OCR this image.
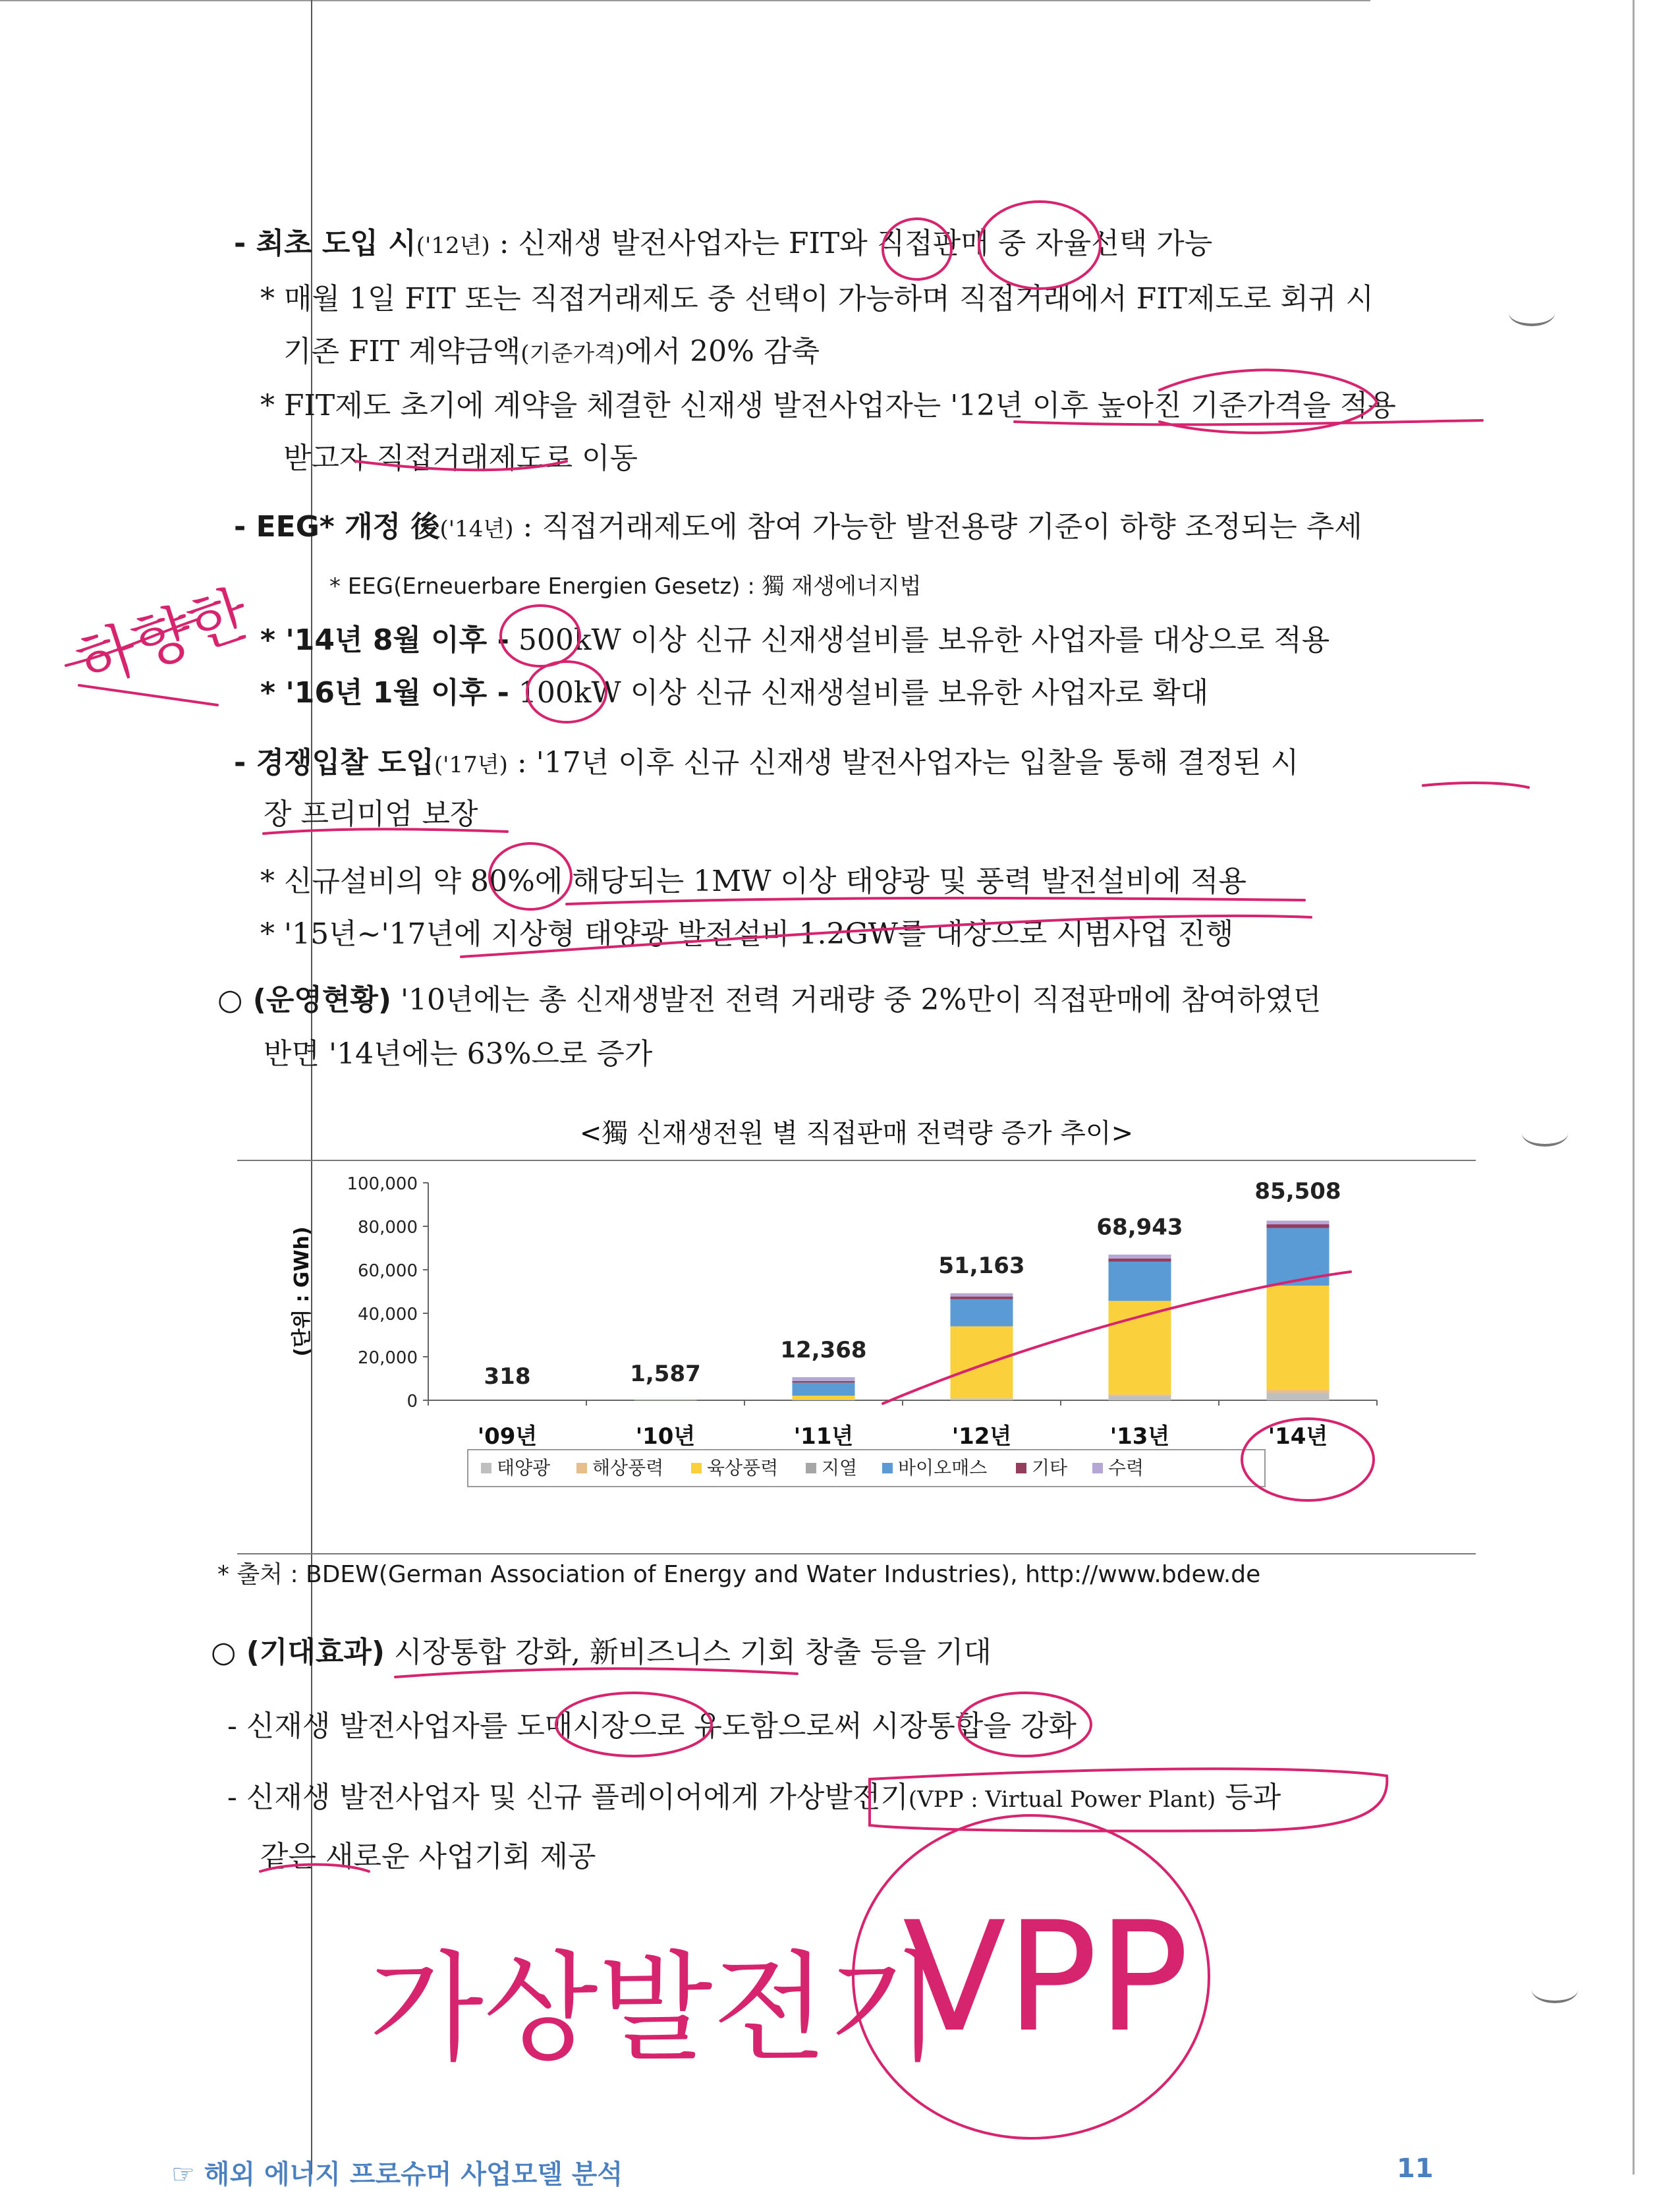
- 최초 도입 시('12년) : 신재생 발전사업자는 FIT와 직접판매 중 자율선택 가능
* 매월 1일 FIT 또는 직접거래제도 중 선택이 가능하며 직접거래에서 FIT제도로 회귀 시
기존 FIT 계약금액(기준가격)에서 20% 감축
* FIT제도 초기에 계약을 체결한 신재생 발전사업자는 '12년 이후 높아진 기준가격을 적용
받고자 직접거래제도로 이동
- EEG* 개정 後('14년) : 직접거래제도에 참여 가능한 발전용량 기준이 하향 조정되는 추세
* EEG(Erneuerbare Energien Gesetz) : 獨 재생에너지법
* '14년 8월 이후 - 500kW 이상 신규 신재생설비를 보유한 사업자를 대상으로 적용
* '16년 1월 이후 - 100kW 이상 신규 신재생설비를 보유한 사업자로 확대
- 경쟁입찰 도입('17년) : '17년 이후 신규 신재생 발전사업자는 입찰을 통해 결정된 시
장 프리미엄 보장
* 신규설비의 약 80%에 해당되는 1MW 이상 태양광 및 풍력 발전설비에 적용
* '15년~'17년에 지상형 태양광 발전설비 1.2GW를 대상으로 시범사업 진행
○ (운영현황) '10년에는 총 신재생발전 전력 거래량 중 2%만이 직접판매에 참여하였던
반면 '14년에는 63%으로 증가
<獨 신재생전원 별 직접판매 전력량 증가 추이>
(단위 : GWh)
100,000
80,000
60,000
40,000
20,000
0
318
'09년
1,587
'10년
12,368
'11년
51,163
'12년
68,943
'13년
85,508
'14년
태양광 해상풍력 육상풍력 지열 바이오매스 기타 수력
* 출처 : BDEW(German Association of Energy and Water Industries), http://www.bdew.de
○ (기대효과) 시장통합 강화, 新비즈니스 기회 창출 등을 기대
- 신재생 발전사업자를 도매시장으로 유도함으로써 시장통합을 강화
- 신재생 발전사업자 및 신규 플레이어에게 가상발전기(VPP : Virtual Power Plant) 등과
같은 새로운 사업기회 제공
☞ 해외 에너지 프로슈머 사업모델 분석	11
하향한
가상발전기
VPP
